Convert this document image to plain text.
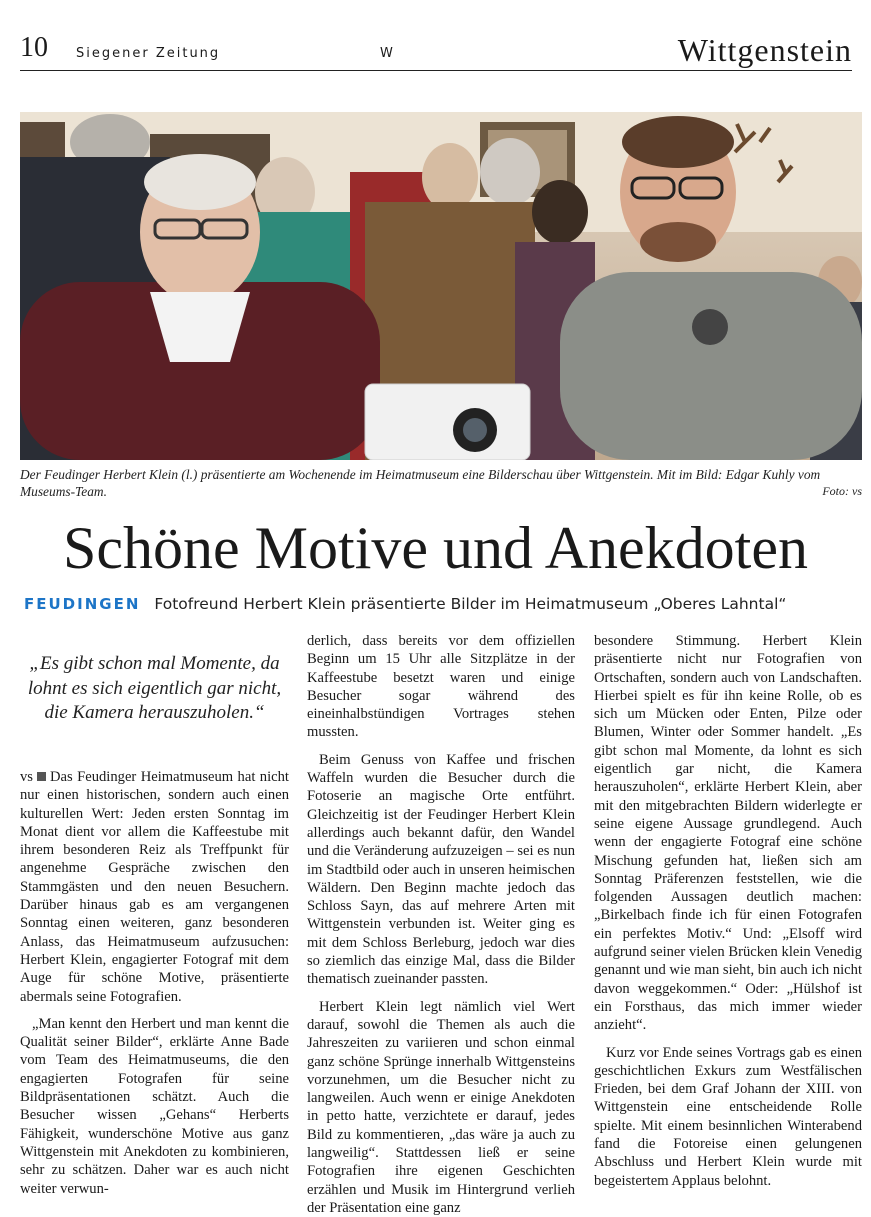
10 Siegener Zeitung	W	Wittgenstein
Der Feudinger Herbert Klein (l.) präsentierte am Wochenende im Heimatmuseum eine Bilderschau über Wittgenstein. Mit im Bild: Edgar Kuhly vom Museums-Team.	Foto: vs
Schöne Motive und Anekdoten
FEUDINGEN Fotofreund Herbert Klein präsentierte Bilder im Heimatmuseum „Oberes Lahntal“
„Es gibt schon mal Momente, da lohnt es sich eigentlich gar nicht, die Kamera herauszuholen.“

vs Das Feudinger Heimatmuseum hat nicht nur einen historischen, sondern auch einen kulturellen Wert: Jeden ersten Sonntag im Monat dient vor allem die Kaffeestube mit ihrem besonderen Reiz als Treffpunkt für angenehme Gespräche zwischen den Stammgästen und den neuen Besuchern. Darüber hinaus gab es am vergangenen Sonntag einen weiteren, ganz besonderen Anlass, das Heimatmuseum aufzusuchen: Herbert Klein, engagierter Fotograf mit dem Auge für schöne Motive, präsentierte abermals seine Fotografien.

„Man kennt den Herbert und man kennt die Qualität seiner Bilder“, erklärte Anne Bade vom Team des Heimatmuseums, die den engagierten Fotografen für seine Bildpräsentationen schätzt. Auch die Besucher wissen „Gehans“ Herberts Fähigkeit, wunderschöne Motive aus ganz Wittgenstein mit Anekdoten zu kombinieren, sehr zu schätzen. Daher war es auch nicht weiter verwun-

derlich, dass bereits vor dem offiziellen Beginn um 15 Uhr alle Sitzplätze in der Kaffeestube besetzt waren und einige Besucher sogar während des eineinhalbstündigen Vortrages stehen mussten.

Beim Genuss von Kaffee und frischen Waffeln wurden die Besucher durch die Fotoserie an magische Orte entführt. Gleichzeitig ist der Feudinger Herbert Klein allerdings auch bekannt dafür, den Wandel und die Veränderung aufzuzeigen – sei es nun im Stadtbild oder auch in unseren heimischen Wäldern. Den Beginn machte jedoch das Schloss Sayn, das auf mehrere Arten mit Wittgenstein verbunden ist. Weiter ging es mit dem Schloss Berleburg, jedoch war dies so ziemlich das einzige Mal, dass die Bilder thematisch zueinander passten.

Herbert Klein legt nämlich viel Wert darauf, sowohl die Themen als auch die Jahreszeiten zu variieren und schon einmal ganz schöne Sprünge innerhalb Wittgensteins vorzunehmen, um die Besucher nicht zu langweilen. Auch wenn er einige Anekdoten in petto hatte, verzichtete er darauf, jedes Bild zu kommentieren, „das wäre ja auch zu langweilig“. Stattdessen ließ er seine Fotografien ihre eigenen Geschichten erzählen und Musik im Hintergrund verlieh der Präsentation eine ganz

besondere Stimmung. Herbert Klein präsentierte nicht nur Fotografien von Ortschaften, sondern auch von Landschaften. Hierbei spielt es für ihn keine Rolle, ob es sich um Mücken oder Enten, Pilze oder Blumen, Winter oder Sommer handelt. „Es gibt schon mal Momente, da lohnt es sich eigentlich gar nicht, die Kamera herauszuholen“, erklärte Herbert Klein, aber mit den mitgebrachten Bildern widerlegte er seine eigene Aussage grundlegend. Auch wenn der engagierte Fotograf eine schöne Mischung gefunden hat, ließen sich am Sonntag Präferenzen feststellen, wie die folgenden Aussagen deutlich machen: „Birkelbach finde ich für einen Fotografen ein perfektes Motiv.“ Und: „Elsoff wird aufgrund seiner vielen Brücken klein Venedig genannt und wie man sieht, bin auch ich nicht davon weggekommen.“ Oder: „Hülshof ist ein Forsthaus, das mich immer wieder anzieht“.

Kurz vor Ende seines Vortrags gab es einen geschichtlichen Exkurs zum Westfälischen Frieden, bei dem Graf Johann der XIII. von Wittgenstein eine entscheidende Rolle spielte. Mit einem besinnlichen Winterabend fand die Fotoreise einen gelungenen Abschluss und Herbert Klein wurde mit begeistertem Applaus belohnt.
